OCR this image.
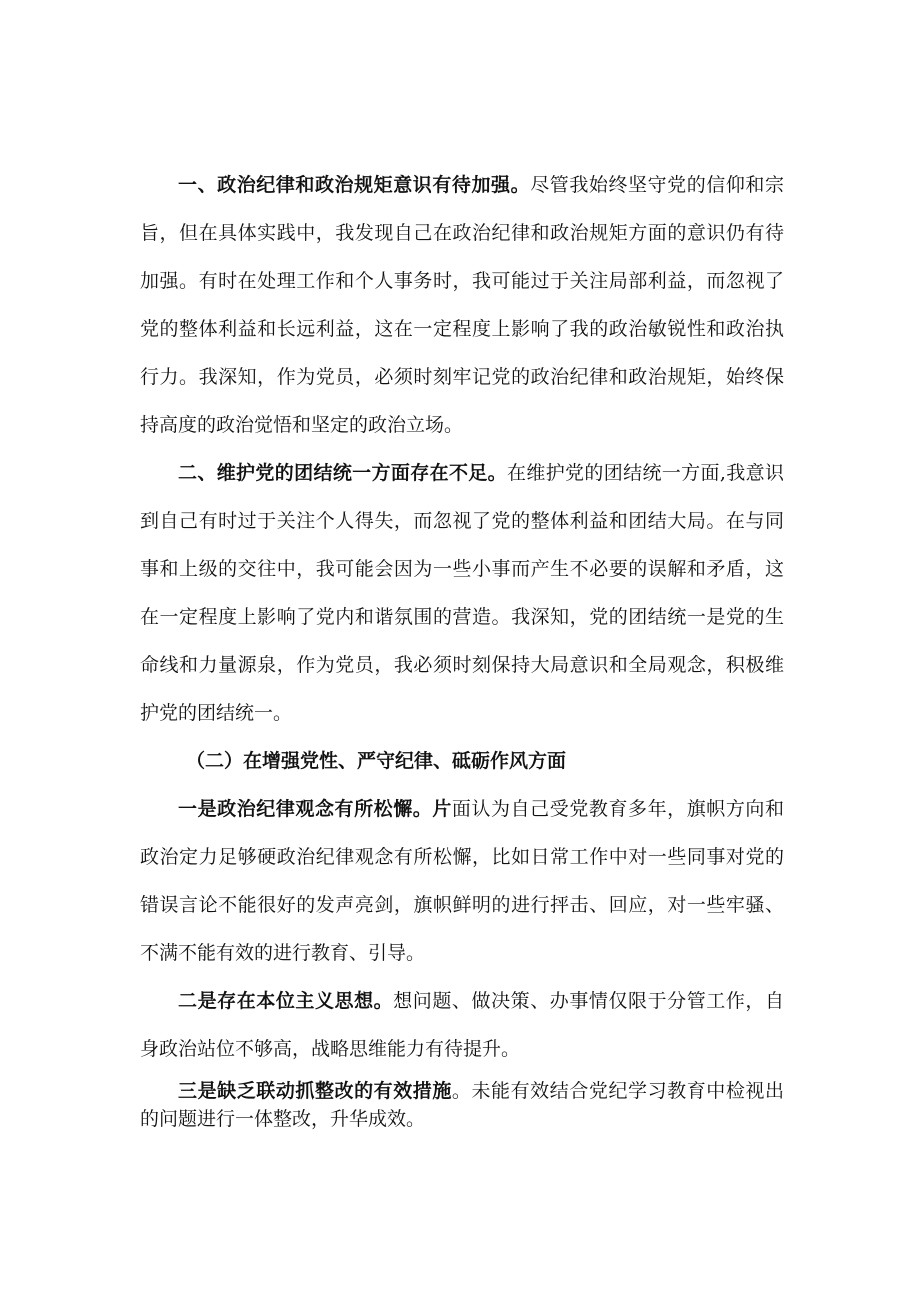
一、政治纪律和政治规矩意识有待加强。尽管我始终坚守党的信仰和宗旨，但在具体实践中，我发现自己在政治纪律和政治规矩方面的意识仍有待加强。有时在处理工作和个人事务时，我可能过于关注局部利益，而忽视了党的整体利益和长远利益，这在一定程度上影响了我的政治敏锐性和政治执行力。我深知，作为党员，必须时刻牢记党的政治纪律和政治规矩，始终保持高度的政治觉悟和坚定的政治立场。

二、维护党的团结统一方面存在不足。在维护党的团结统一方面,我意识到自己有时过于关注个人得失，而忽视了党的整体利益和团结大局。在与同事和上级的交往中，我可能会因为一些小事而产生不必要的误解和矛盾，这在一定程度上影响了党内和谐氛围的营造。我深知，党的团结统一是党的生命线和力量源泉，作为党员，我必须时刻保持大局意识和全局观念，积极维护党的团结统一。

（二）在增强党性、严守纪律、砥砺作风方面

一是政治纪律观念有所松懈。片面认为自己受党教育多年，旗帜方向和政治定力足够硬政治纪律观念有所松懈，比如日常工作中对一些同事对党的错误言论不能很好的发声亮剑，旗帜鲜明的进行抨击、回应，对一些牢骚、不满不能有效的进行教育、引导。

二是存在本位主义思想。想问题、做决策、办事情仅限于分管工作，自身政治站位不够高，战略思维能力有待提升。

三是缺乏联动抓整改的有效措施。未能有效结合党纪学习教育中检视出的问题进行一体整改，升华成效。
